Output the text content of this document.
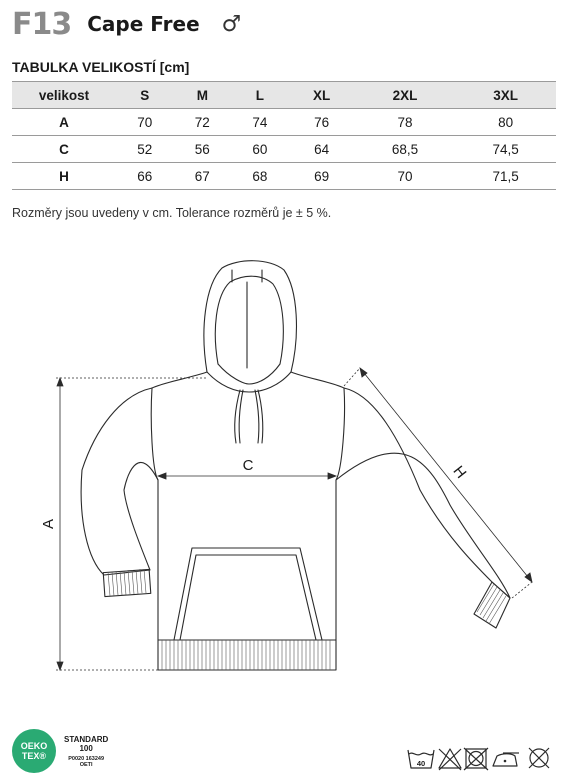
F13 Cape Free ♂
TABULKA VELIKOSTÍ [cm]
velikost	S	M	L	XL	2XL	3XL
A	70	72	74	76	78	80
C	52	56	60	64	68,5	74,5
H	66	67	68	69	70	71,5
Rozměry jsou uvedeny v cm. Tolerance rozměrů je ± 5 %.
A
C	H
OEKO
TEX®
STANDARD
100
P0020 163249
OETI	40
